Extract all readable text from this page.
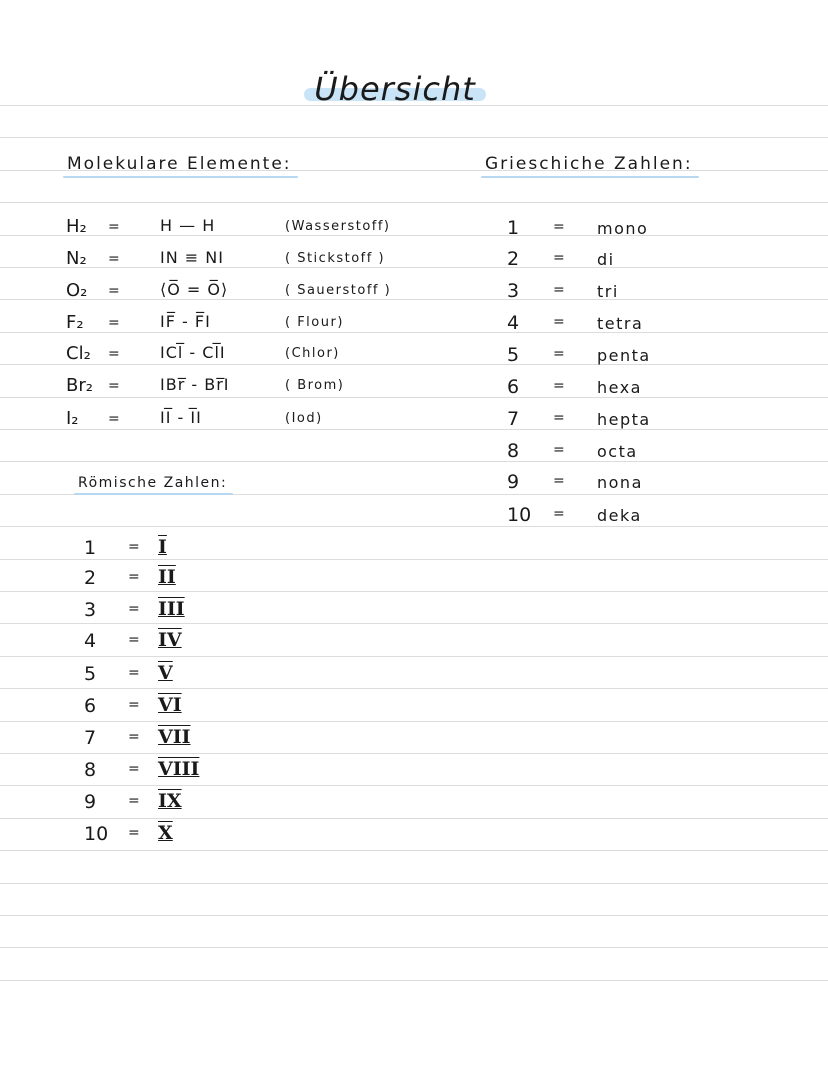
Übersicht
Molekulare Elemente:	Grieschiche Zahlen:
Römische Zahlen:
H₂ =	H — H	(Wasserstoff)
N₂ =	IN ≡ NI	( Stickstoff )
O₂ =	⟨O̅ = O̅⟩	( Sauerstoff )
F₂ =	IF̅ - F̅I	( Flour)
Cl₂ =	ICl̅ - Cl̅I	(Chlor)
Br₂ =	IBr̅ - Br̅I	( Brom)
I₂ =	II̅ - I̅I	(Iod)
1 = mono
2 = di
3 = tri
4 = tetra
5 = penta
6 = hexa
7 = hepta
8 = octa
9 = nona
10 = deka
1 = I
2 = II
3 = III
4 = IV
5 = V
6 = VI
7 = VII
8 = VIII
9 = IX
10 = X
